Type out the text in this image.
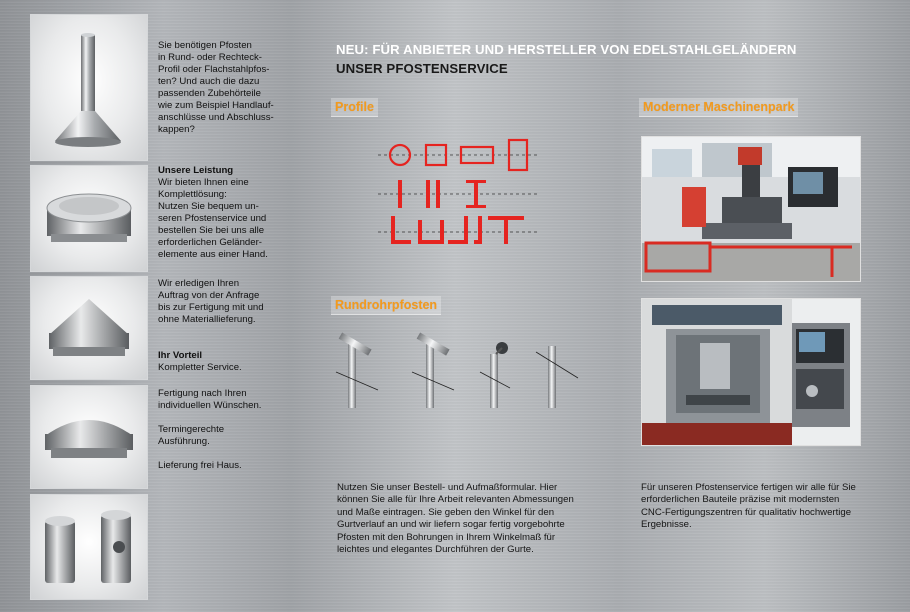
Sie benötigen Pfosten
in Rund- oder Rechteck-
Profil oder Flachstahlpfos-
ten? Und auch die dazu
passenden Zubehörteile
wie zum Beispiel Handlauf-
anschlüsse und Abschluss-
kappen?
Unsere Leistung
Wir bieten Ihnen eine
Komplettlösung:
Nutzen Sie bequem un-
seren Pfostenservice und
bestellen Sie bei uns alle
erforderlichen Geländer-
elemente aus einer Hand.
Wir erledigen Ihren
Auftrag von der Anfrage
bis zur Fertigung mit und
ohne Materiallieferung.
Ihr Vorteil
Kompletter Service.
Fertigung nach Ihren
individuellen Wünschen.
Termingerechte
Ausführung.
Lieferung frei Haus.
NEU: FÜR ANBIETER UND HERSTELLER VON EDELSTAHLGELÄNDERN
UNSER PFOSTENSERVICE
Profile
Rundrohrpfosten
Moderner Maschinenpark
Nutzen Sie unser Bestell- und Aufmaßformular. Hier
können Sie alle für Ihre Arbeit relevanten Abmessungen
und Maße eintragen. Sie geben den Winkel für den
Gurtverlauf an und wir liefern sogar fertig vorgebohrte
Pfosten mit den Bohrungen in Ihrem Winkelmaß für
leichtes und elegantes Durchführen der Gurte.
Für unseren Pfostenservice fertigen wir alle für Sie
erforderlichen Bauteile präzise mit modernsten
CNC-Fertigungszentren für qualitativ hochwertige
Ergebnisse.
